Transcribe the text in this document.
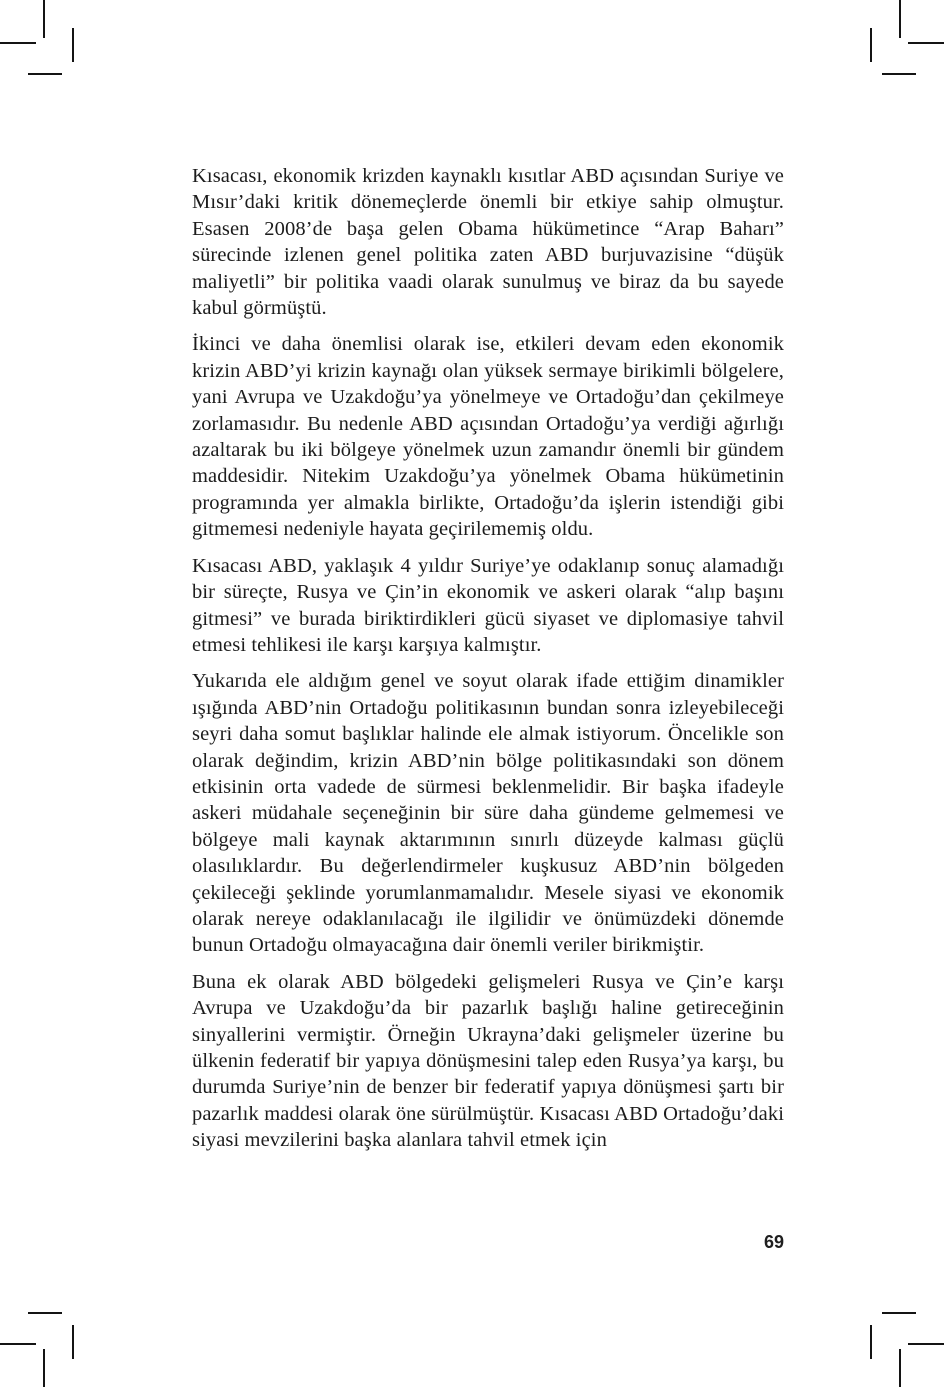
Kısacası, ekonomik krizden kaynaklı kısıtlar ABD açısından Suriye ve Mısır’daki kritik dönemeçlerde önemli bir etkiye sahip olmuştur. Esasen 2008’de başa gelen Obama hükümetince “Arap Baharı” sürecinde izlenen genel politika zaten ABD burjuvazisine “düşük maliyetli” bir politika vaadi olarak sunulmuş ve biraz da bu sayede kabul görmüştü.

İkinci ve daha önemlisi olarak ise, etkileri devam eden ekonomik krizin ABD’yi krizin kaynağı olan yüksek sermaye birikimli bölgelere, yani Avrupa ve Uzakdoğu’ya yönelmeye ve Ortadoğu’dan çekilmeye zorlamasıdır. Bu nedenle ABD açısından Ortadoğu’ya verdiği ağırlığı azaltarak bu iki bölgeye yönelmek uzun zamandır önemli bir gündem maddesidir. Nitekim Uzakdoğu’ya yönelmek Obama hükümetinin programında yer almakla birlikte, Ortadoğu’da işlerin istendiği gibi gitmemesi nedeniyle hayata geçirilememiş oldu.

Kısacası ABD, yaklaşık 4 yıldır Suriye’ye odaklanıp sonuç alamadığı bir süreçte, Rusya ve Çin’in ekonomik ve askeri olarak “alıp başını gitmesi” ve burada biriktirdikleri gücü siyaset ve diplomasiye tahvil etmesi tehlikesi ile karşı karşıya kalmıştır.

Yukarıda ele aldığım genel ve soyut olarak ifade ettiğim dinamikler ışığında ABD’nin Ortadoğu politikasının bundan sonra izleyebileceği seyri daha somut başlıklar halinde ele almak istiyorum. Öncelikle son olarak değindim, krizin ABD’nin bölge politikasındaki son dönem etkisinin orta vadede de sürmesi beklenmelidir. Bir başka ifadeyle askeri müdahale seçeneğinin bir süre daha gündeme gelmemesi ve bölgeye mali kaynak aktarımının sınırlı düzeyde kalması güçlü olasılıklardır. Bu değerlendirmeler kuşkusuz ABD’nin bölgeden çekileceği şeklinde yorumlanmamalıdır. Mesele siyasi ve ekonomik olarak nereye odaklanılacağı ile ilgilidir ve önümüzdeki dönemde bunun Ortadoğu olmayacağına dair önemli veriler birikmiştir.

Buna ek olarak ABD bölgedeki gelişmeleri Rusya ve Çin’e karşı Avrupa ve Uzakdoğu’da bir pazarlık başlığı haline getireceğinin sinyallerini vermiştir. Örneğin Ukrayna’daki gelişmeler üzerine bu ülkenin federatif bir yapıya dönüşmesini talep eden Rusya’ya karşı, bu durumda Suriye’nin de benzer bir federatif yapıya dönüşmesi şartı bir pazarlık maddesi olarak öne sürülmüştür. Kısacası ABD Ortadoğu’daki siyasi mevzilerini başka alanlara tahvil etmek için

69
